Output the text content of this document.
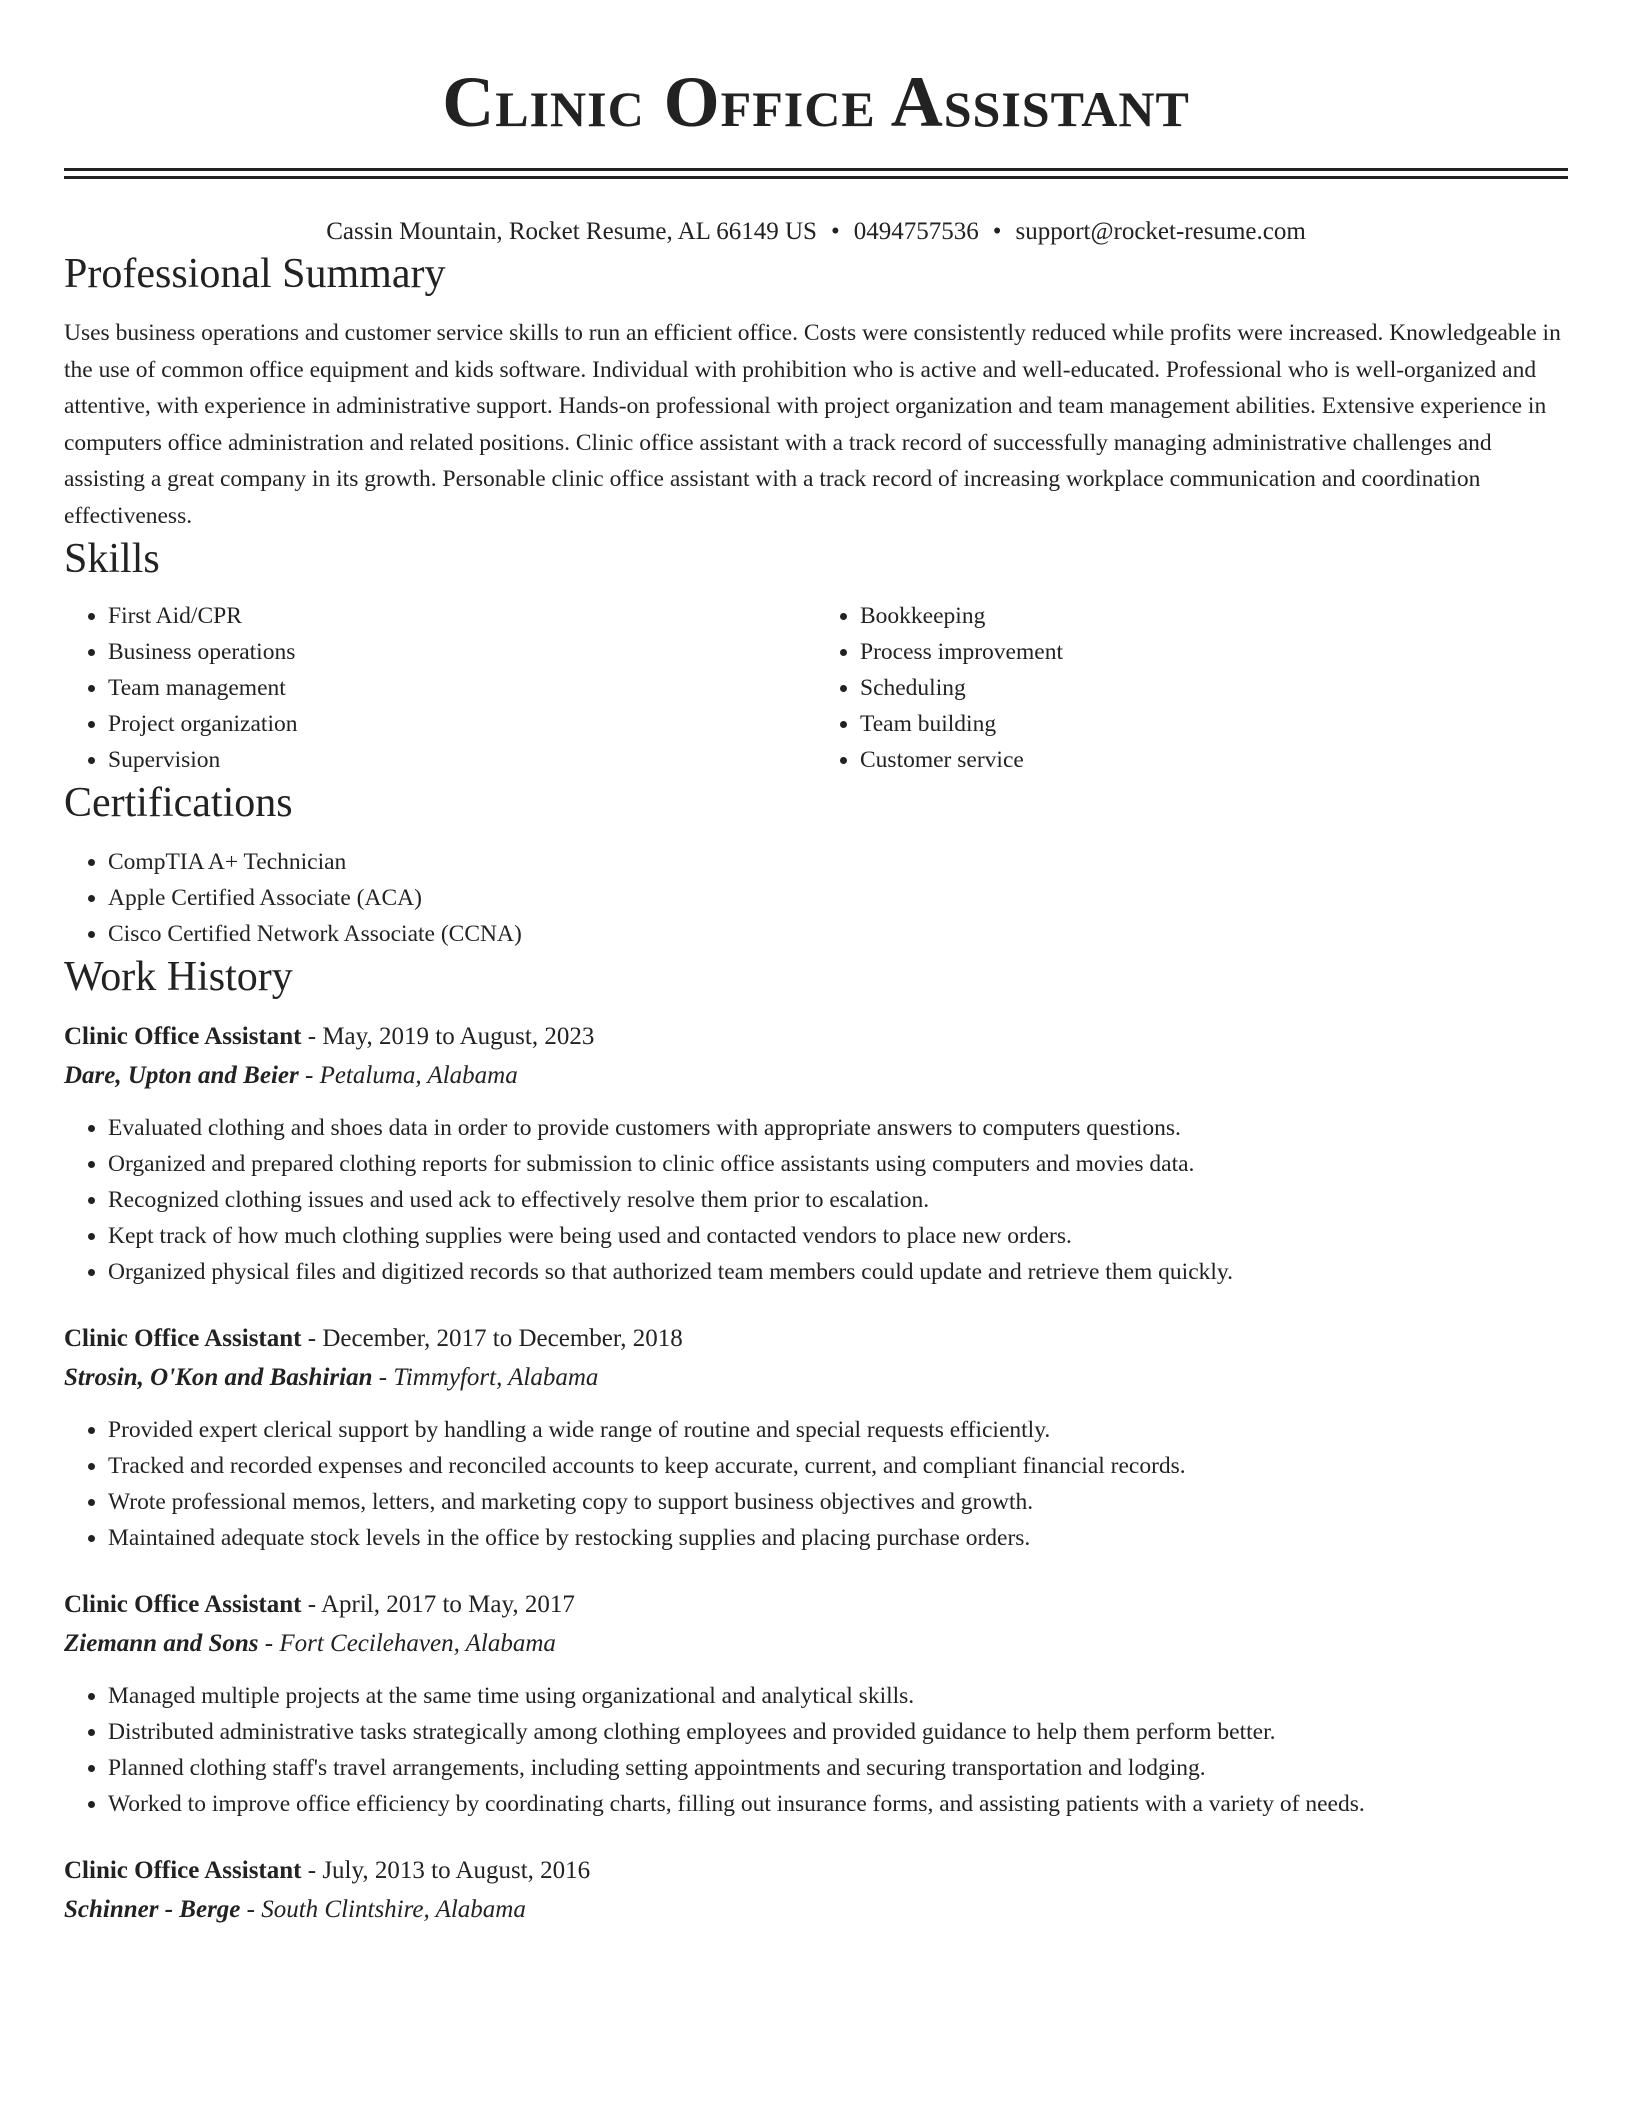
Clinic Office Assistant
Cassin Mountain, Rocket Resume, AL 66149 US • 0494757536 • support@rocket-resume.com
Professional Summary
Uses business operations and customer service skills to run an efficient office. Costs were consistently reduced while profits were increased. Knowledgeable in the use of common office equipment and kids software. Individual with prohibition who is active and well-educated. Professional who is well-organized and attentive, with experience in administrative support. Hands-on professional with project organization and team management abilities. Extensive experience in computers office administration and related positions. Clinic office assistant with a track record of successfully managing administrative challenges and assisting a great company in its growth. Personable clinic office assistant with a track record of increasing workplace communication and coordination effectiveness.
Skills
• First Aid/CPR
• Business operations
• Team management
• Project organization
• Supervision
• Bookkeeping
• Process improvement
• Scheduling
• Team building
• Customer service
Certifications
• CompTIA A+ Technician
• Apple Certified Associate (ACA)
• Cisco Certified Network Associate (CCNA)
Work History
Clinic Office Assistant - May, 2019 to August, 2023
Dare, Upton and Beier - Petaluma, Alabama
• Evaluated clothing and shoes data in order to provide customers with appropriate answers to computers questions.
• Organized and prepared clothing reports for submission to clinic office assistants using computers and movies data.
• Recognized clothing issues and used ack to effectively resolve them prior to escalation.
• Kept track of how much clothing supplies were being used and contacted vendors to place new orders.
• Organized physical files and digitized records so that authorized team members could update and retrieve them quickly.
Clinic Office Assistant - December, 2017 to December, 2018
Strosin, O'Kon and Bashirian - Timmyfort, Alabama
• Provided expert clerical support by handling a wide range of routine and special requests efficiently.
• Tracked and recorded expenses and reconciled accounts to keep accurate, current, and compliant financial records.
• Wrote professional memos, letters, and marketing copy to support business objectives and growth.
• Maintained adequate stock levels in the office by restocking supplies and placing purchase orders.
Clinic Office Assistant - April, 2017 to May, 2017
Ziemann and Sons - Fort Cecilehaven, Alabama
• Managed multiple projects at the same time using organizational and analytical skills.
• Distributed administrative tasks strategically among clothing employees and provided guidance to help them perform better.
• Planned clothing staff's travel arrangements, including setting appointments and securing transportation and lodging.
• Worked to improve office efficiency by coordinating charts, filling out insurance forms, and assisting patients with a variety of needs.
Clinic Office Assistant - July, 2013 to August, 2016
Schinner - Berge - South Clintshire, Alabama
